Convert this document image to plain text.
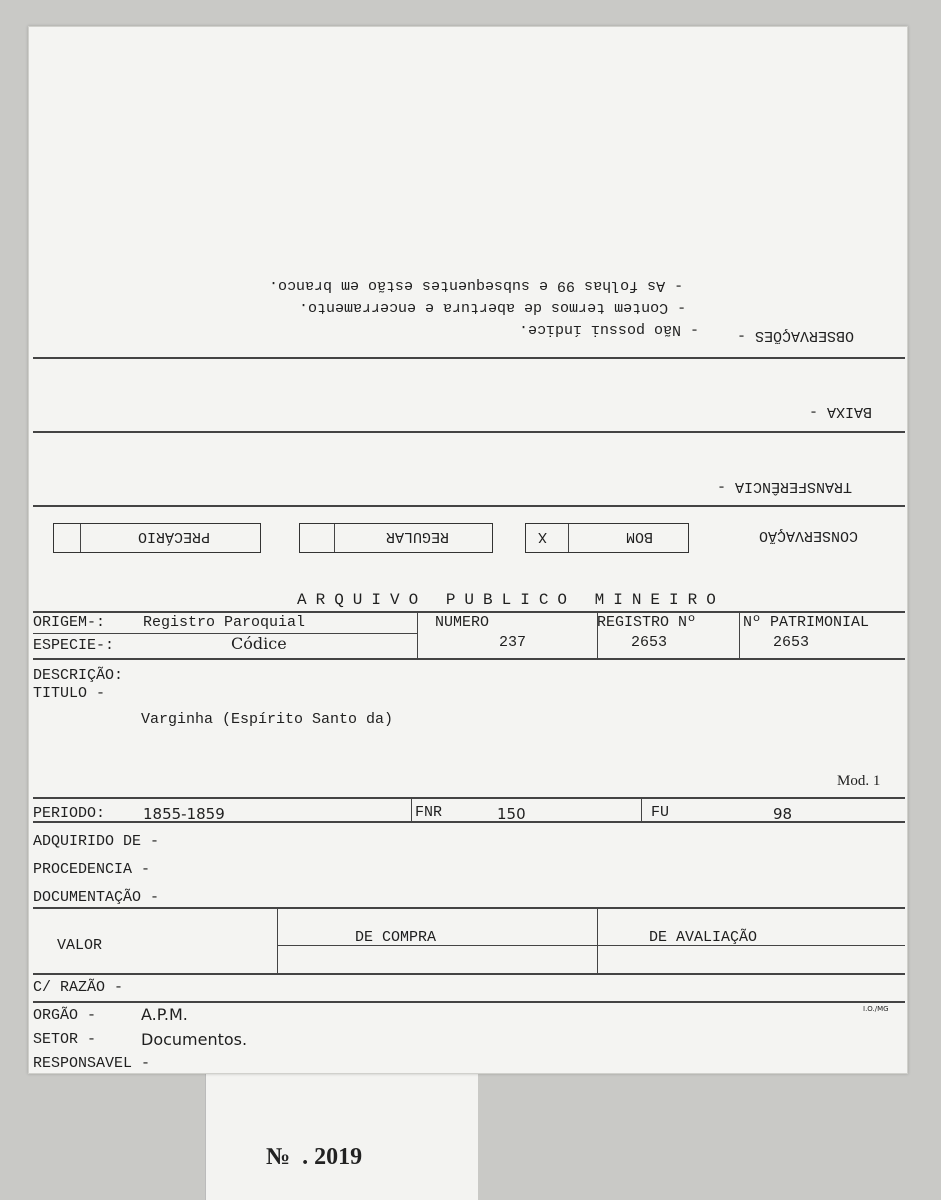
№  . 2019
- As folhas 99 e subsequentes estão em branco.
- Contem termos de abertura e encerramento.
- Não possui índice.	OBSERVAÇÕES -
BAIXA -
TRANSFERÊNCIA -
CONSERVAÇÃO
X	BOM
REGULAR
PRECÁRIO
ARQUIVO PUBLICO MINEIRO
ORIGEM-:	Registro Paroquial
ESPECIE-:	Códice
NUMERO
237
REGISTRO Nº
2653
Nº PATRIMONIAL
2653
DESCRIÇÃO:
TITULO -
Varginha (Espírito Santo da)
Mod. 1
PERIODO:	1855-1859	FNR	150	FU	98
ADQUIRIDO DE -
PROCEDENCIA -
DOCUMENTAÇÃO -
VALOR	DE COMPRA	DE AVALIAÇÃO
C/ RAZÃO -
I.O./MG
ORGÃO -	A.P.M.
SETOR -	Documentos.
RESPONSAVEL -
